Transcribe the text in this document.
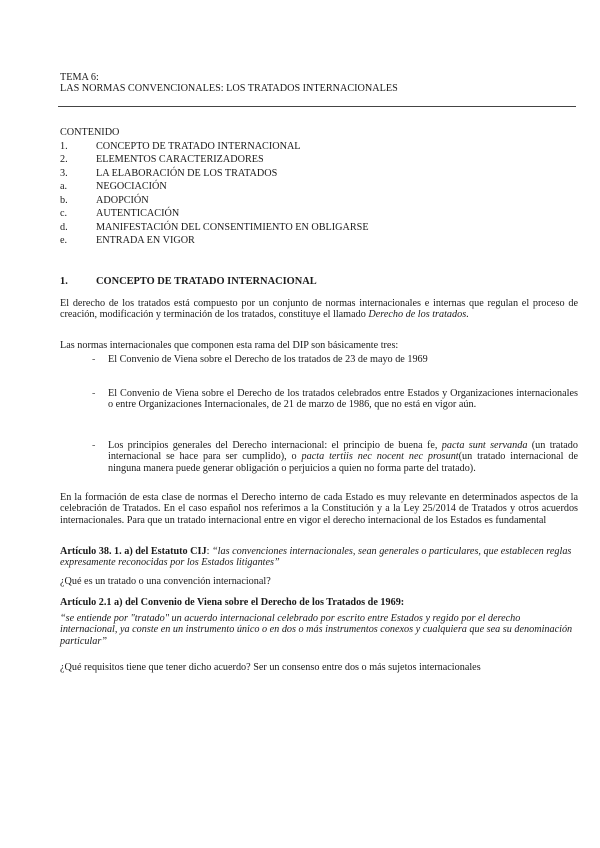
TEMA 6:
LAS NORMAS CONVENCIONALES: LOS TRATADOS INTERNACIONALES
CONTENIDO
1.	CONCEPTO DE TRATADO INTERNACIONAL
2.	ELEMENTOS CARACTERIZADORES
3.	LA ELABORACIÓN DE LOS TRATADOS
a.	NEGOCIACIÓN
b.	ADOPCIÓN
c.	AUTENTICACIÓN
d.	MANIFESTACIÓN DEL CONSENTIMIENTO EN OBLIGARSE
e.	ENTRADA EN VIGOR
1.	CONCEPTO DE TRATADO INTERNACIONAL
El derecho de los tratados está compuesto por un conjunto de normas internacionales e internas que regulan el proceso de creación, modificación y terminación de los tratados, constituye el llamado Derecho de los tratados.
Las normas internacionales que componen esta rama del DIP son básicamente tres:
-	El Convenio de Viena sobre el Derecho de los tratados de 23 de mayo de 1969
-	El Convenio de Viena sobre el Derecho de los tratados celebrados entre Estados y Organizaciones internacionales o entre Organizaciones Internacionales, de 21 de marzo de 1986, que no está en vigor aún.
-	Los principios generales del Derecho internacional: el principio de buena fe, pacta sunt servanda (un tratado internacional se hace para ser cumplido), o pacta tertiis nec nocent nec prosunt(un tratado internacional de ninguna manera puede generar obligación o perjuicios a quien no forma parte del tratado).
En la formación de esta clase de normas el Derecho interno de cada Estado es muy relevante en determinados aspectos de la celebración de Tratados. En el caso español nos referimos a la Constitución y a la Ley 25/2014 de Tratados y otros acuerdos internacionales. Para que un tratado internacional entre en vigor el derecho internacional de los Estados es fundamental
Artículo 38. 1. a) del Estatuto CIJ: “las convenciones internacionales, sean generales o particulares, que establecen reglas expresamente reconocidas por los Estados litigantes”
¿Qué es un tratado o una convención internacional?
Artículo 2.1 a) del Convenio de Viena sobre el Derecho de los Tratados de 1969:
“se entiende por "tratado" un acuerdo internacional celebrado por escrito entre Estados y regido por el derecho internacional, ya conste en un instrumento único o en dos o más instrumentos conexos y cualquiera que sea su denominación particular”
¿Qué requisitos tiene que tener dicho acuerdo? Ser un consenso entre dos o más sujetos internacionales
